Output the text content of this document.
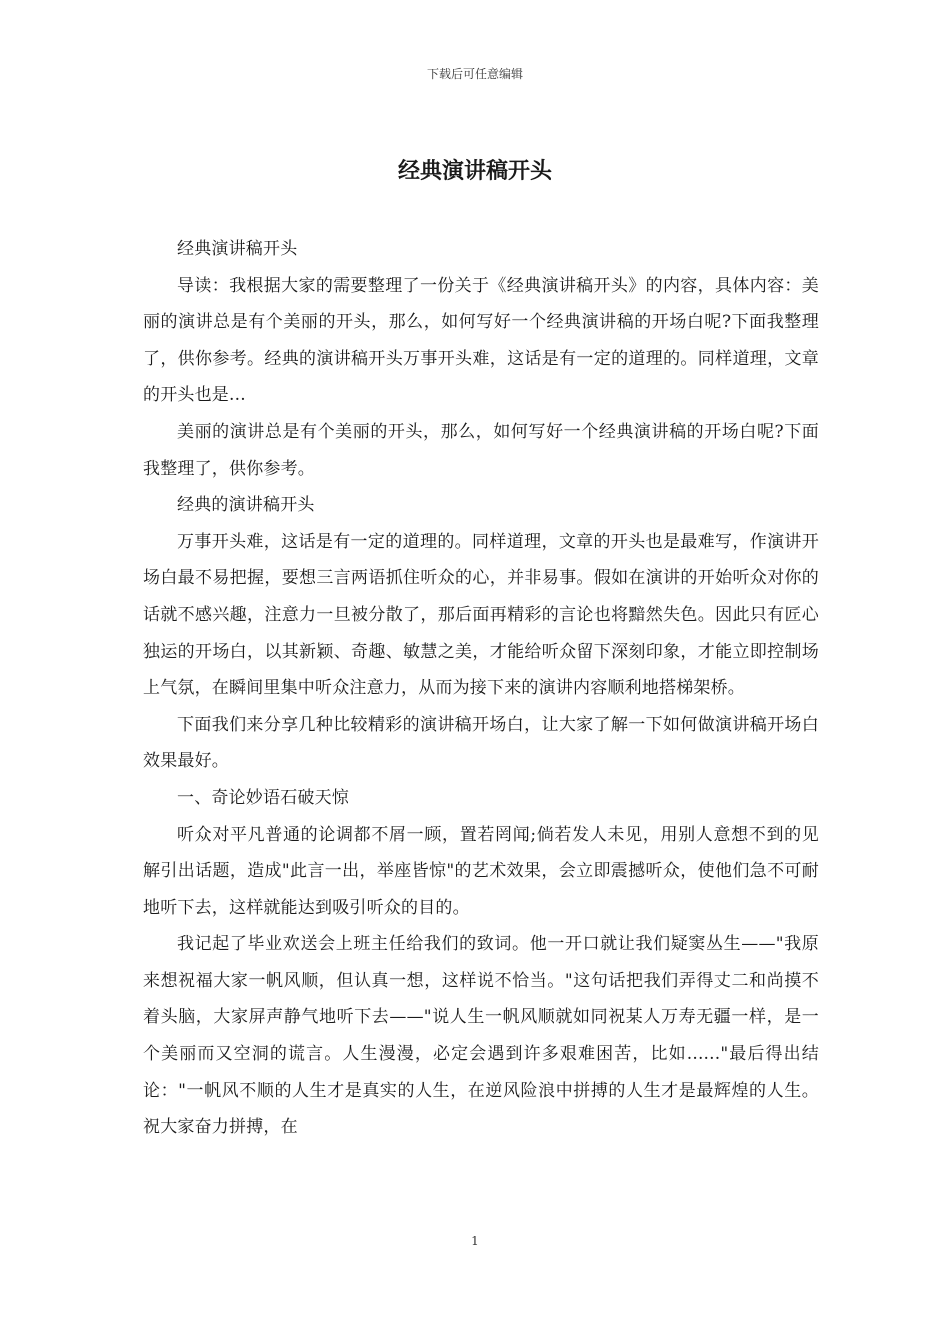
下载后可任意编辑
经典演讲稿开头

经典演讲稿开头

导读：我根据大家的需要整理了一份关于《经典演讲稿开头》的内容，具体内容：美丽的演讲总是有个美丽的开头，那么，如何写好一个经典演讲稿的开场白呢?下面我整理了，供你参考。经典的演讲稿开头万事开头难，这话是有一定的道理的。同样道理，文章的开头也是...

美丽的演讲总是有个美丽的开头，那么，如何写好一个经典演讲稿的开场白呢?下面我整理了，供你参考。

经典的演讲稿开头

万事开头难，这话是有一定的道理的。同样道理，文章的开头也是最难写，作演讲开场白最不易把握，要想三言两语抓住听众的心，并非易事。假如在演讲的开始听众对你的话就不感兴趣，注意力一旦被分散了，那后面再精彩的言论也将黯然失色。因此只有匠心独运的开场白，以其新颖、奇趣、敏慧之美，才能给听众留下深刻印象，才能立即控制场上气氛，在瞬间里集中听众注意力，从而为接下来的演讲内容顺利地搭梯架桥。

下面我们来分享几种比较精彩的演讲稿开场白，让大家了解一下如何做演讲稿开场白效果最好。

一、奇论妙语石破天惊

听众对平凡普通的论调都不屑一顾，置若罔闻;倘若发人未见，用别人意想不到的见解引出话题，造成"此言一出，举座皆惊"的艺术效果，会立即震撼听众，使他们急不可耐地听下去，这样就能达到吸引听众的目的。

我记起了毕业欢送会上班主任给我们的致词。他一开口就让我们疑窦丛生——"我原来想祝福大家一帆风顺，但认真一想，这样说不恰当。"这句话把我们弄得丈二和尚摸不着头脑，大家屏声静气地听下去——"说人生一帆风顺就如同祝某人万寿无疆一样，是一个美丽而又空洞的谎言。人生漫漫，必定会遇到许多艰难困苦，比如......"最后得出结论："一帆风不顺的人生才是真实的人生，在逆风险浪中拼搏的人生才是最辉煌的人生。祝大家奋力拼搏，在

1
